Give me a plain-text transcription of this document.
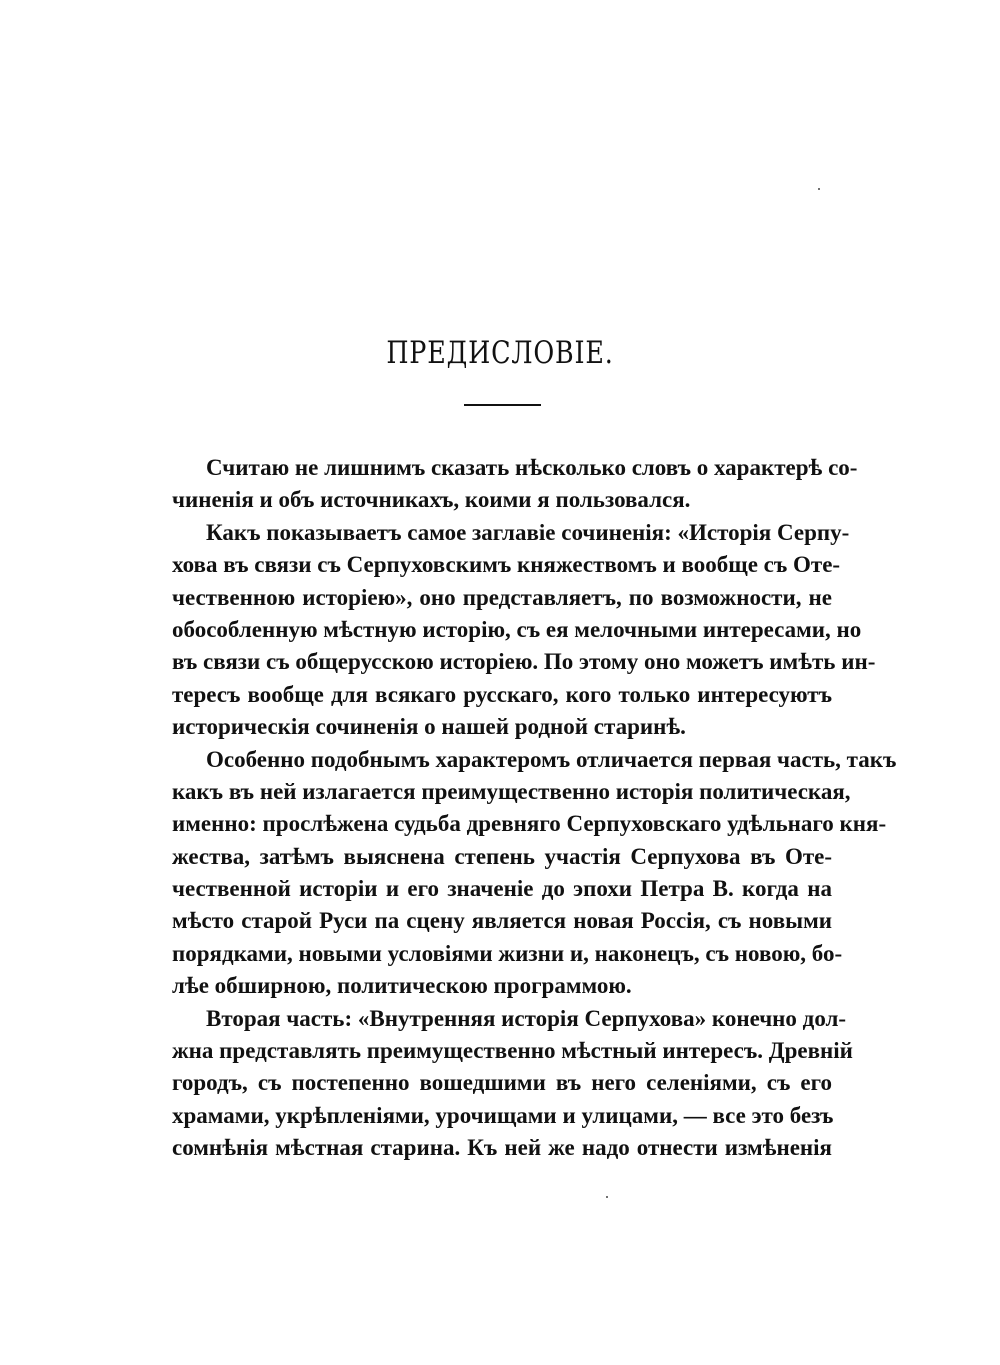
ПРЕДИСЛОВІЕ.
Считаю не лишнимъ сказать нѣсколько словъ о характерѣ со-
чиненія и объ источникахъ, коими я пользовался.
Какъ показываетъ самое заглавіе сочиненія: «Исторія Серпу-
хова въ связи съ Серпуховскимъ княжествомъ и вообще съ Оте-
чественною исторіею», оно представляетъ, по возможности, не
обособленную мѣстную исторію, съ ея мелочными интересами, но
въ связи съ общерусскою исторіею. По этому оно можетъ имѣть ин-
тересъ вообще для всякаго русскаго, кого только интересуютъ
историческія сочиненія о нашей родной старинѣ.
Особенно подобнымъ характеромъ отличается первая часть, такъ
какъ въ ней излагается преимущественно исторія политическая,
именно: прослѣжена судьба древняго Серпуховскаго удѣльнаго кня-
жества, затѣмъ выяснена степень участія Серпухова въ Оте-
чественной исторіи и его значеніе до эпохи Петра В. когда на
мѣсто старой Руси па сцену является новая Россія, съ новыми
порядками, новыми условіями жизни и, наконецъ, съ новою, бо-
лѣе обширною, политическою программою.
Вторая часть: «Внутренняя исторія Серпухова» конечно дол-
жна представлять преимущественно мѣстный интересъ. Древній
городъ, съ постепенно вошедшими въ него селеніями, съ его
храмами, укрѣпленіями, урочищами и улицами, — все это безъ
сомнѣнія мѣстная старина. Къ ней же надо отнести измѣненія
